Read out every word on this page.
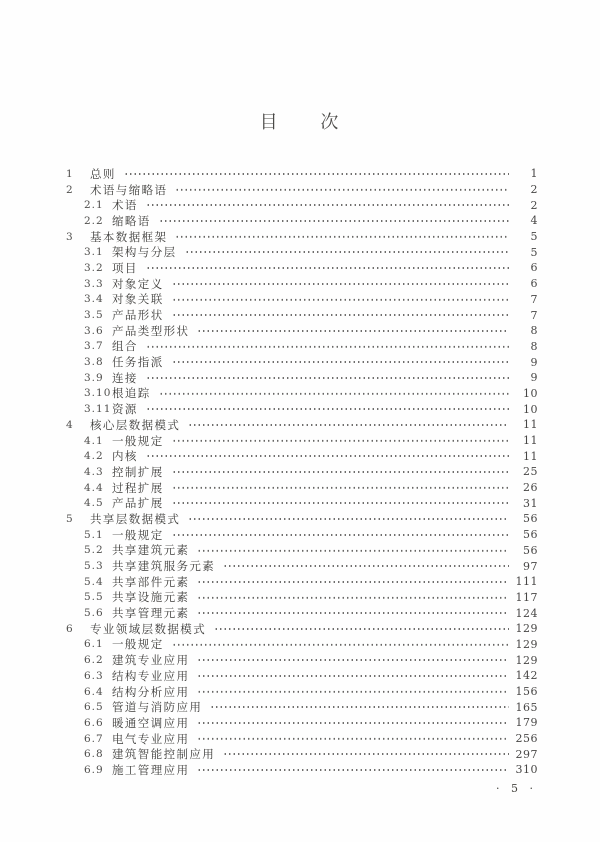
目 次
1	总则	1
2	术语与缩略语	2
2.1 术语	2
2.2 缩略语	4
3	基本数据框架	5
3.1 架构与分层	5
3.2 项目	6
3.3 对象定义	6
3.4 对象关联	7
3.5 产品形状	7
3.6 产品类型形状	8
3.7 组合	8
3.8 任务指派	9
3.9 连接	9
3.10 根追踪	10
3.11 资源	10
4	核心层数据模式	11
4.1 一般规定	11
4.2 内核	11
4.3 控制扩展	25
4.4 过程扩展	26
4.5 产品扩展	31
5	共享层数据模式	56
5.1 一般规定	56
5.2 共享建筑元素	56
5.3 共享建筑服务元素	97
5.4 共享部件元素	111
5.5 共享设施元素	117
5.6 共享管理元素	124
6	专业领域层数据模式	129
6.1 一般规定	129
6.2 建筑专业应用	129
6.3 结构专业应用	142
6.4 结构分析应用	156
6.5 管道与消防应用	165
6.6 暖通空调应用	179
6.7 电气专业应用	256
6.8 建筑智能控制应用	297
6.9 施工管理应用	310
· 5 ·
